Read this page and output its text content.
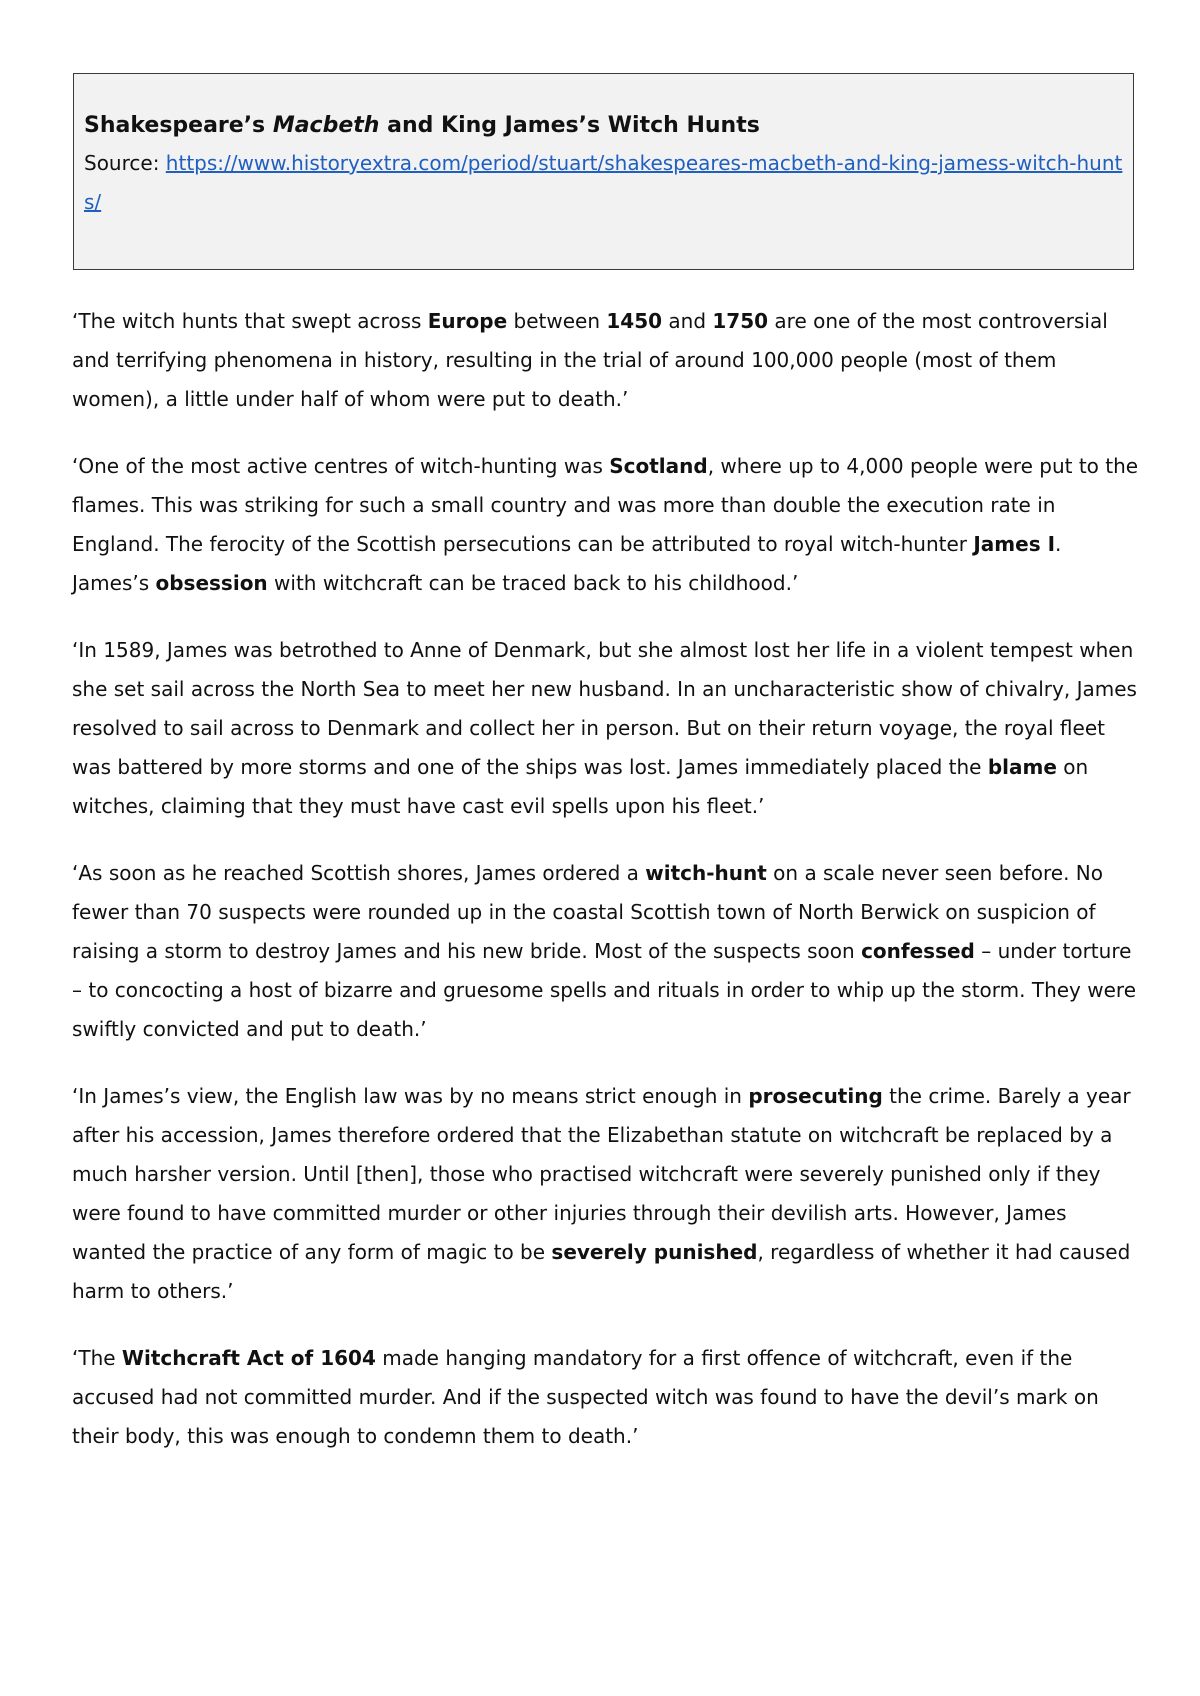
Shakespeare’s Macbeth and King James’s Witch Hunts

Source: https://www.historyextra.com/period/stuart/shakespeares-macbeth-and-king-jamess-witch-hunts/

‘The witch hunts that swept across Europe between 1450 and 1750 are one of the most controversial and terrifying phenomena in history, resulting in the trial of around 100,000 people (most of them women), a little under half of whom were put to death.’

‘One of the most active centres of witch-hunting was Scotland, where up to 4,000 people were put to the flames. This was striking for such a small country and was more than double the execution rate in England. The ferocity of the Scottish persecutions can be attributed to royal witch-hunter James I. James’s obsession with witchcraft can be traced back to his childhood.’

‘In 1589, James was betrothed to Anne of Denmark, but she almost lost her life in a violent tempest when she set sail across the North Sea to meet her new husband. In an uncharacteristic show of chivalry, James resolved to sail across to Denmark and collect her in person. But on their return voyage, the royal fleet was battered by more storms and one of the ships was lost. James immediately placed the blame on witches, claiming that they must have cast evil spells upon his fleet.’

‘As soon as he reached Scottish shores, James ordered a witch-hunt on a scale never seen before. No fewer than 70 suspects were rounded up in the coastal Scottish town of North Berwick on suspicion of raising a storm to destroy James and his new bride. Most of the suspects soon confessed – under torture – to concocting a host of bizarre and gruesome spells and rituals in order to whip up the storm. They were swiftly convicted and put to death.’

‘In James’s view, the English law was by no means strict enough in prosecuting the crime. Barely a year after his accession, James therefore ordered that the Elizabethan statute on witchcraft be replaced by a much harsher version. Until [then], those who practised witchcraft were severely punished only if they were found to have committed murder or other injuries through their devilish arts. However, James wanted the practice of any form of magic to be severely punished, regardless of whether it had caused harm to others.’

‘The Witchcraft Act of 1604 made hanging mandatory for a first offence of witchcraft, even if the accused had not committed murder. And if the suspected witch was found to have the devil’s mark on their body, this was enough to condemn them to death.’
